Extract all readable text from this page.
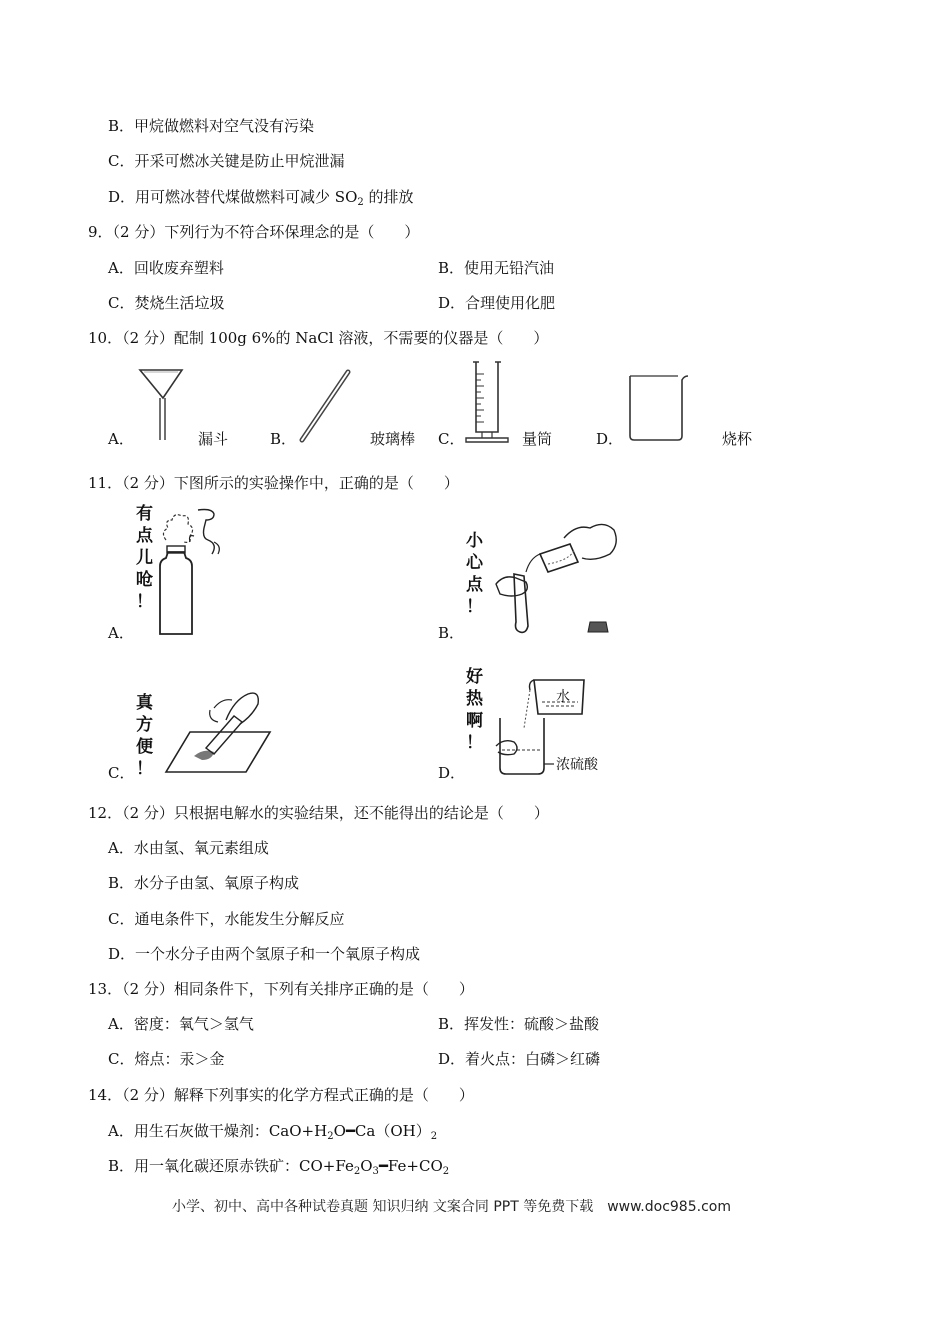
B．甲烷做燃料对空气没有污染
C．开采可燃冰关键是防止甲烷泄漏
D．用可燃冰替代煤做燃料可减少 $SO_2$ 的排放
9．（2 分）下列行为不符合环保理念的是（　　）
A．回收废弃塑料	B．使用无铅汽油
C．焚烧生活垃圾	D．合理使用化肥
10．（2 分）配制 100g 6%的 NaCl 溶液，不需要的仪器是（　　）
A．	漏斗	B．	玻璃棒 C．	量筒	D．	烧杯
11．（2 分）下图所示的实验操作中，正确的是（　　）
A．
有
点
儿
呛
！
B．
小
心
点
！
C．
真
方
便
！	D．
好
热
啊
！
水
浓硫酸
12．（2 分）只根据电解水的实验结果，还不能得出的结论是（　　）
A．水由氢、氧元素组成
B．水分子由氢、氧原子构成
C．通电条件下，水能发生分解反应
D．一个水分子由两个氢原子和一个氧原子构成
13．（2 分）相同条件下，下列有关排序正确的是（　　）
A．密度：氧气＞氢气	B．挥发性：硫酸＞盐酸
C．熔点：汞＞金	D．着火点：白磷＞红磷
14．（2 分）解释下列事实的化学方程式正确的是（　　）
A．用生石灰做干燥剂：$CaO+H_2O━Ca(OH)_2$
B．用一氧化碳还原赤铁矿：$CO+Fe_2O_3━Fe+CO_2$
小学、初中、高中各种试卷真题 知识归纳 文案合同 PPT 等免费下载　www.doc985.com
